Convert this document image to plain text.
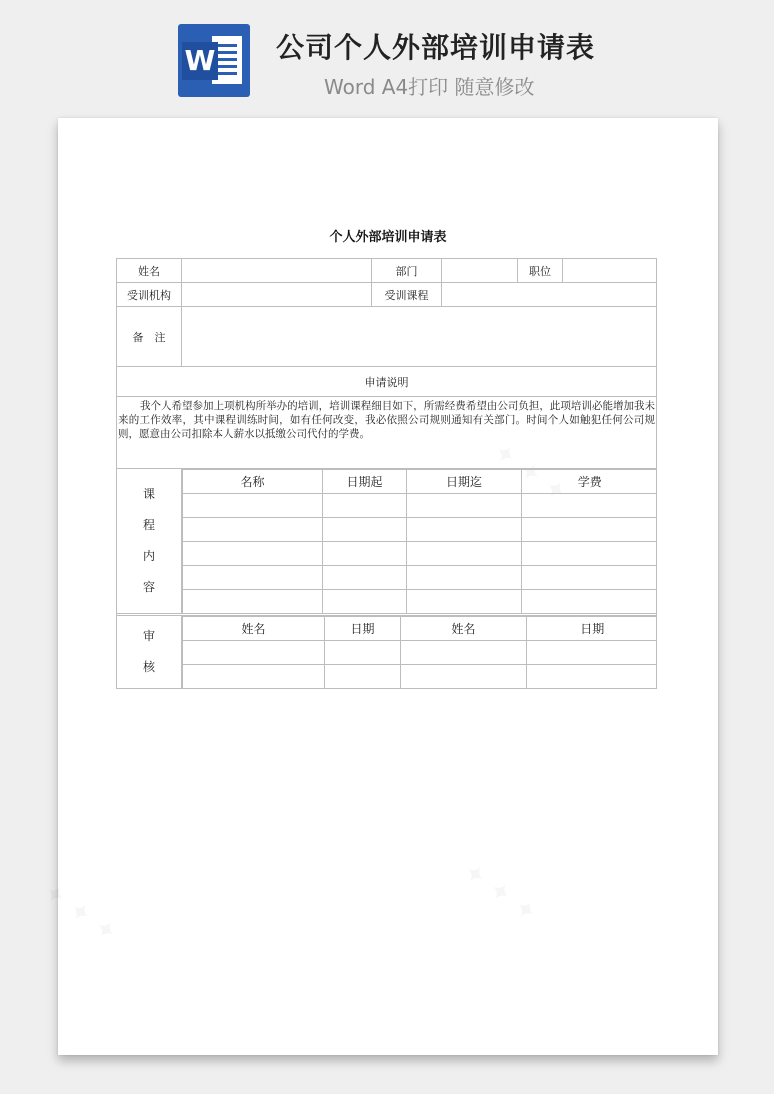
W 公司个人外部培训申请表
Word A4打印 随意修改
个人外部培训申请表
姓名		部门		职位	
受训机构		受训课程	
备　注	
申请说明
我个人希望参加上项机构所举办的培训，培训课程细目如下，所需经费希望由公司负担，此项培训必能增加我未来的工作效率，其中课程训练时间，如有任何改变，我必依照公司规则通知有关部门。时间个人如触犯任何公司规则，愿意由公司扣除本人薪水以抵缴公司代付的学费。

课
程
内
容

名称	日期起	日期迄	学费

审
核

姓名	日期	姓名	日期
